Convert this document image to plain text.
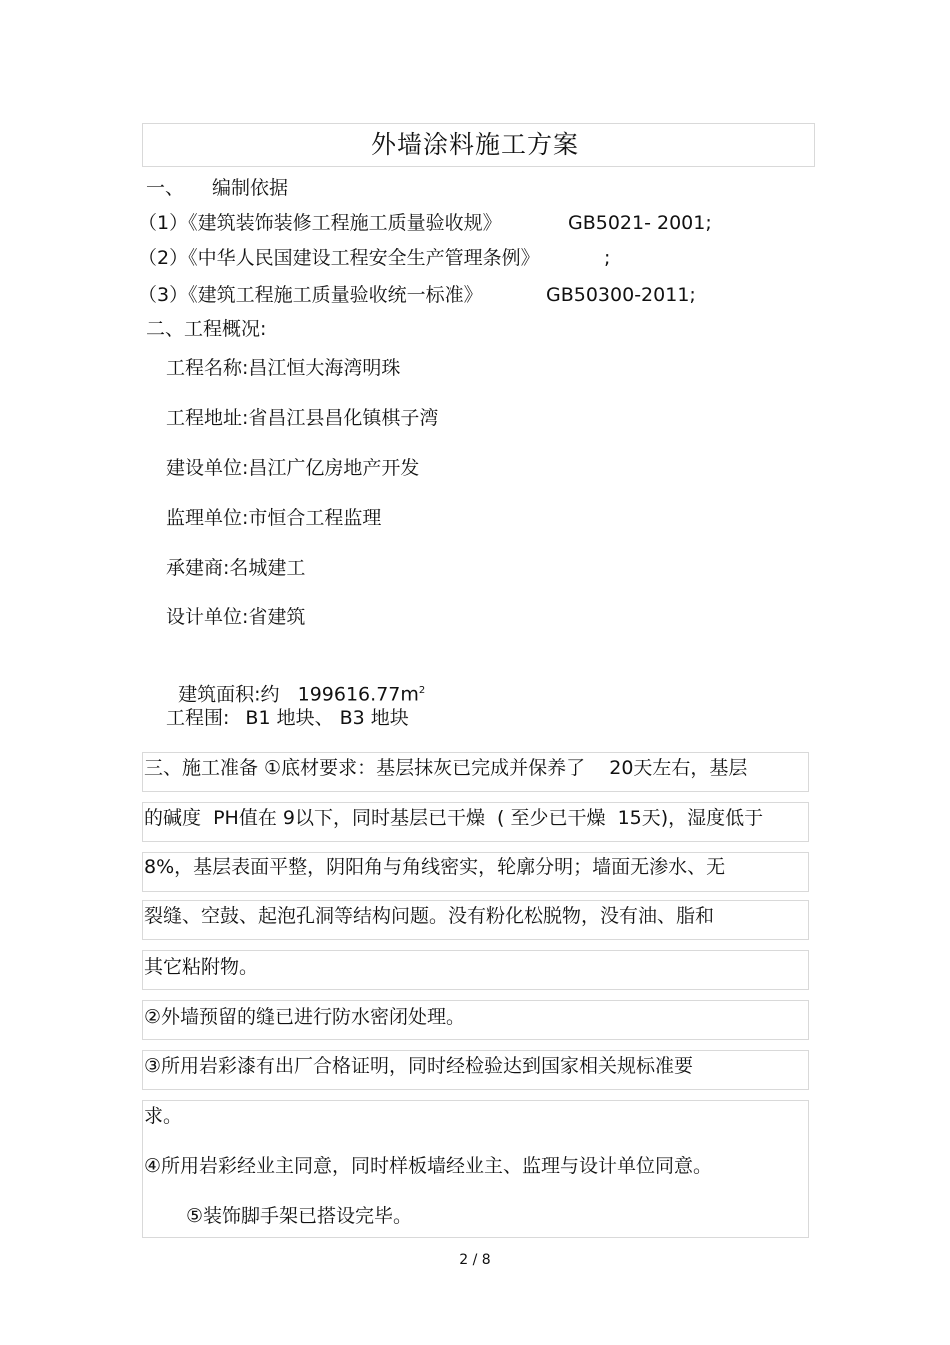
外墙涂料施工方案
一、 编制依据
（1）《建筑装饰装修工程施工质量验收规》	GB5021- 2001;
（2）《中华人民国建设工程安全生产管理条例》	;
（3）《建筑工程施工质量验收统一标准》	GB50300-2011;
二、工程概况:
工程名称:昌江恒大海湾明珠
工程地址:省昌江县昌化镇棋子湾
建设单位:昌江广亿房地产开发
监理单位:市恒合工程监理
承建商:名城建工
设计单位:省建筑

建筑面积:约   $199616.77m^2$

工程围: B1 地块、 B3 地块
三、施工准备 ①底材要求：基层抹灰已完成并保养了    20天左右，基层
的碱度  PH值在 9以下，同时基层已干燥  ( 至少已干燥  15天)，湿度低于
8%，基层表面平整，阴阳角与角线密实，轮廓分明；墙面无渗水、无
裂缝、空鼓、起泡孔洞等结构问题。没有粉化松脱物，没有油、脂和
其它粘附物。
②外墙预留的缝已进行防水密闭处理。
③所用岩彩漆有出厂合格证明，同时经检验达到国家相关规标准要
求。
④所用岩彩经业主同意，同时样板墙经业主、监理与设计单位同意。
⑤装饰脚手架已搭设完毕。
2 / 8
